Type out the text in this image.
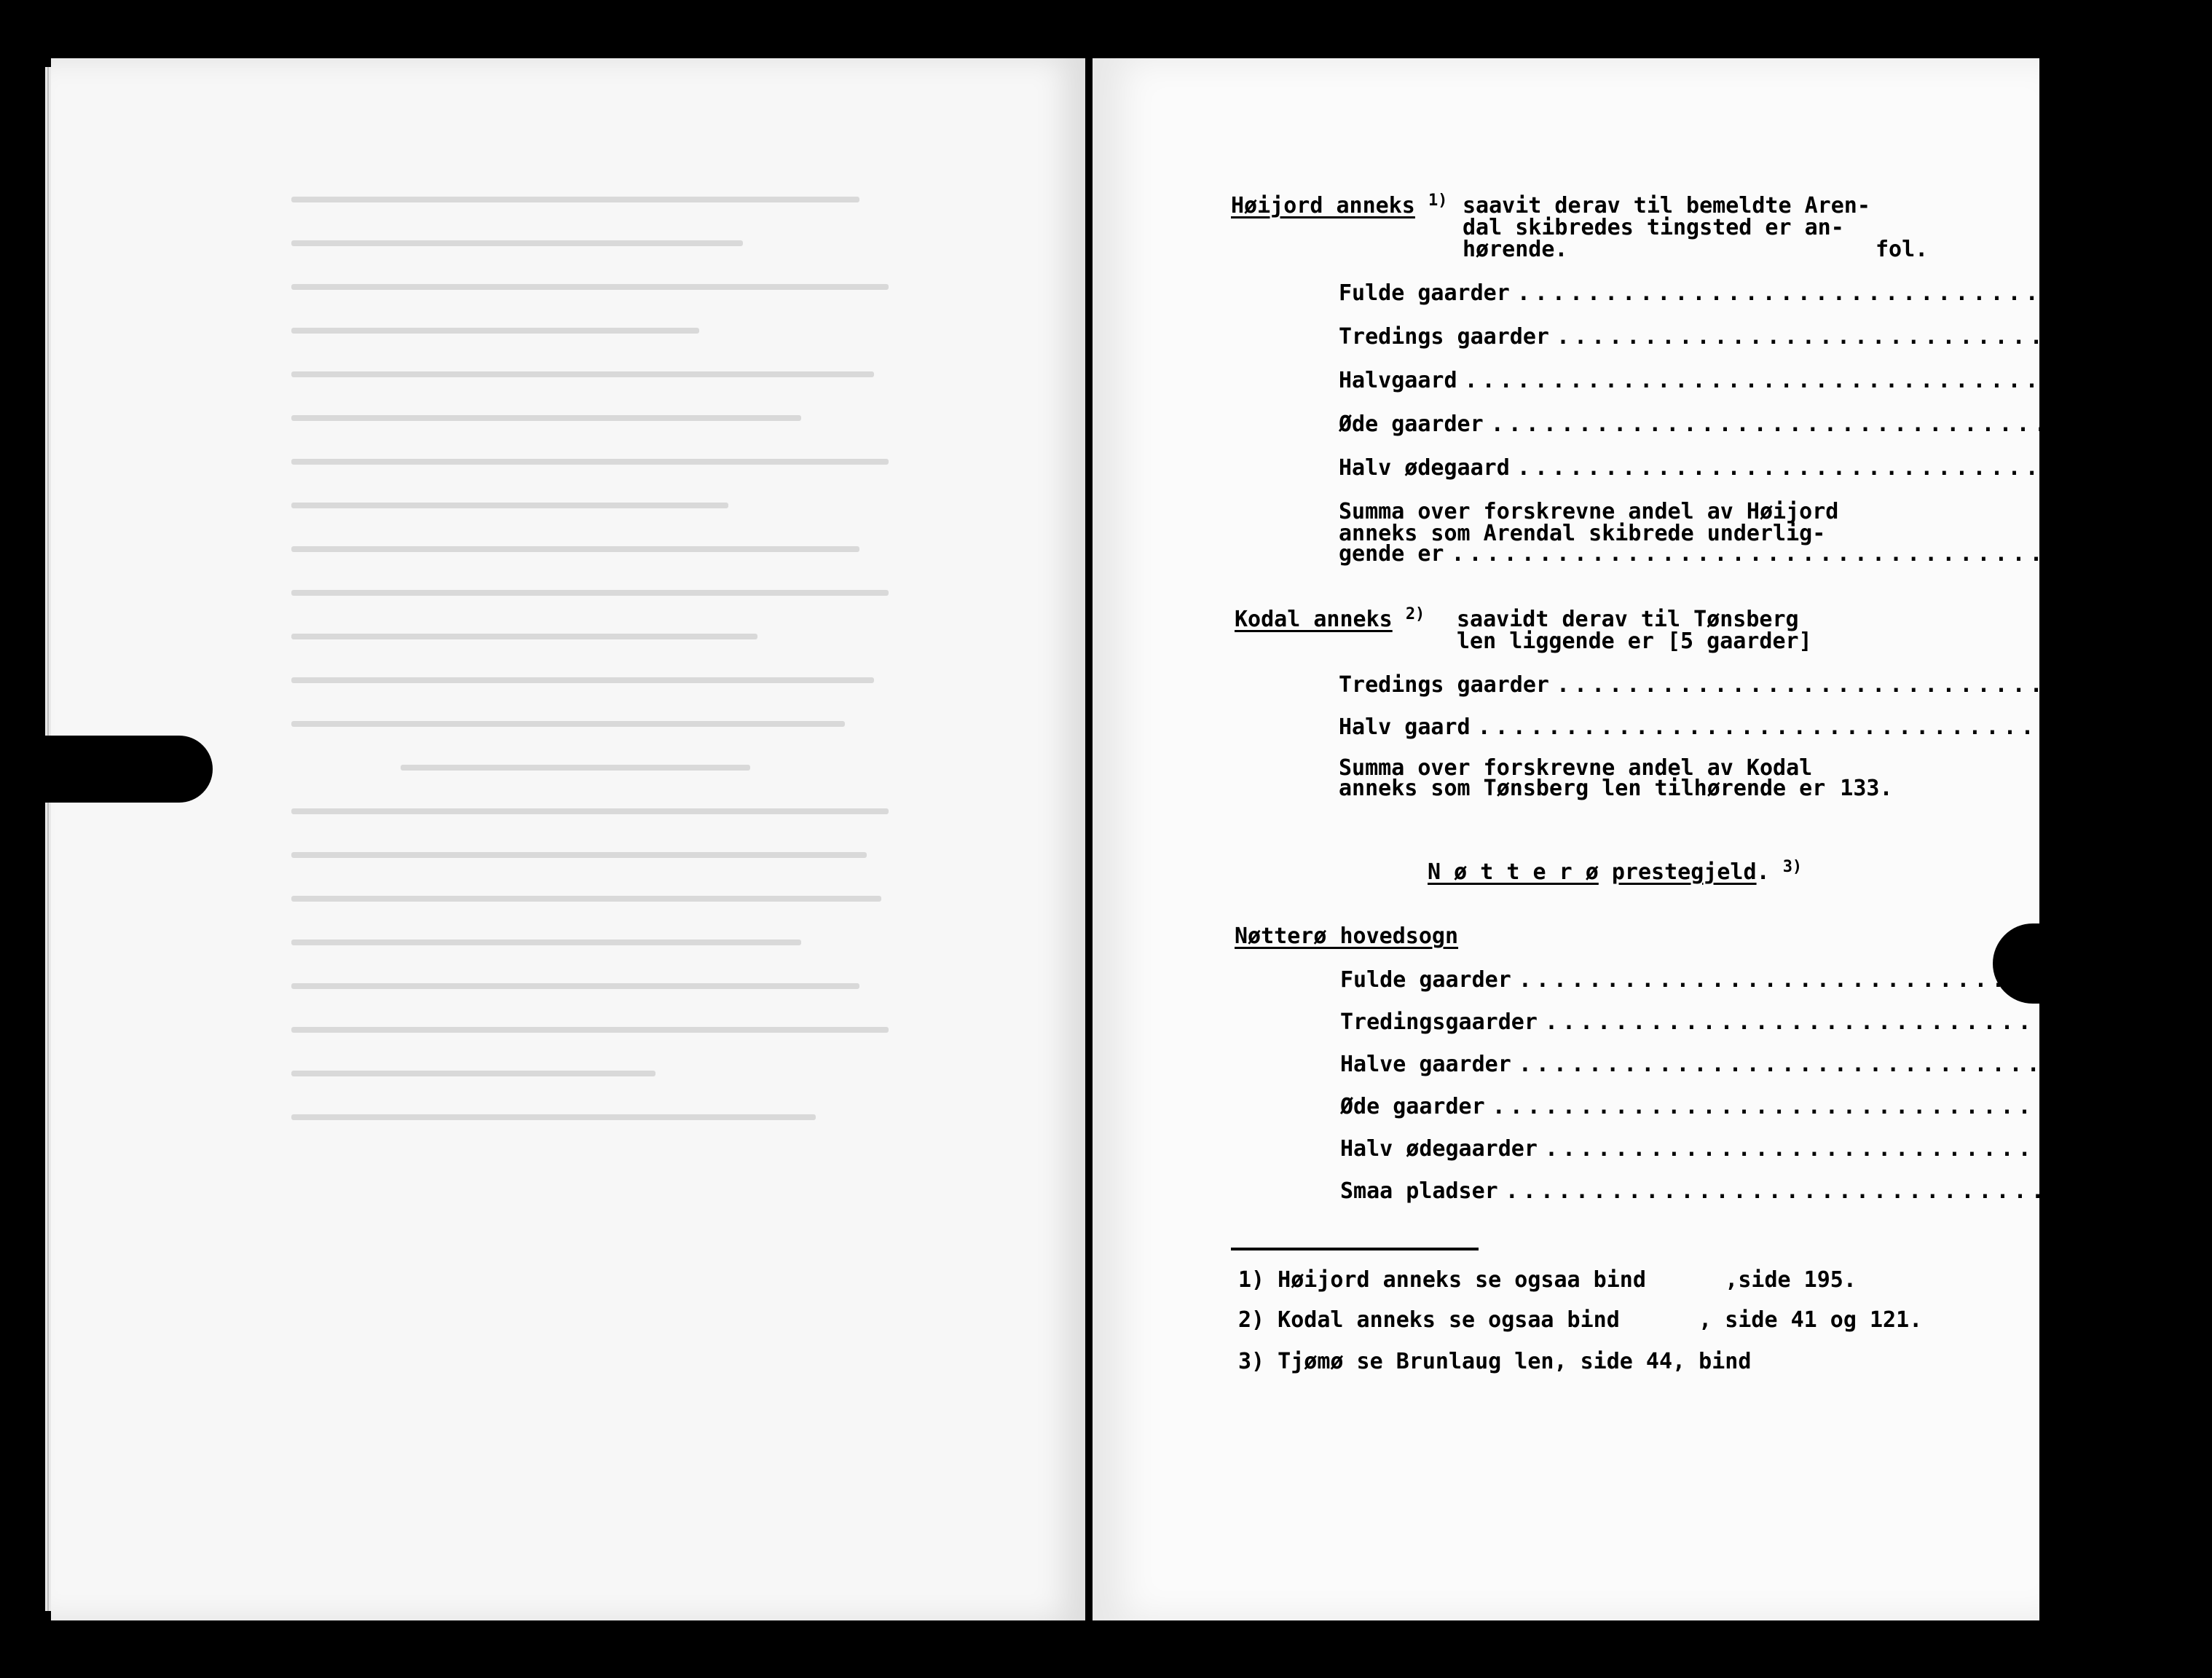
Høijord anneks $^{1)}$ saavit derav til bemeldte Aren-
dal skibredes tingsted er an-
hørende.	fol.
Fulde gaarder .................................. 128.
Tredings gaarder .................................. 129.
Halvgaard .................................. 130.
Øde gaarder .................................. 130.
Halv ødegaard .................................. 131.
Summa over forskrevne andel av Høijord
anneks som Arendal skibrede underlig-
gende er .................................. 131.
Kodal anneks $^{2)}$ saavidt derav til Tønsberg
len liggende er [5 gaarder]
Tredings gaarder .................................. 131.
Halv gaard .................................. 132.
Summa over forskrevne andel av Kodal
anneks som Tønsberg len tilhørende er 133.
N ø t t e r ø prestegjeld. $^{3)}$
Nøtterø hovedsogn
Fulde gaarder .................................. 133.
Tredingsgaarder .................................. 137.
Halve gaarder .................................. 142.
Øde gaarder .................................. 147.
Halv ødegaarder .................................. 150.
Smaa pladser .................................. 152.
1) Høijord anneks se ogsaa bind      ,side 195.
2) Kodal anneks se ogsaa bind      , side 41 og 121.
3) Tjømø se Brunlaug len, side 44, bind
